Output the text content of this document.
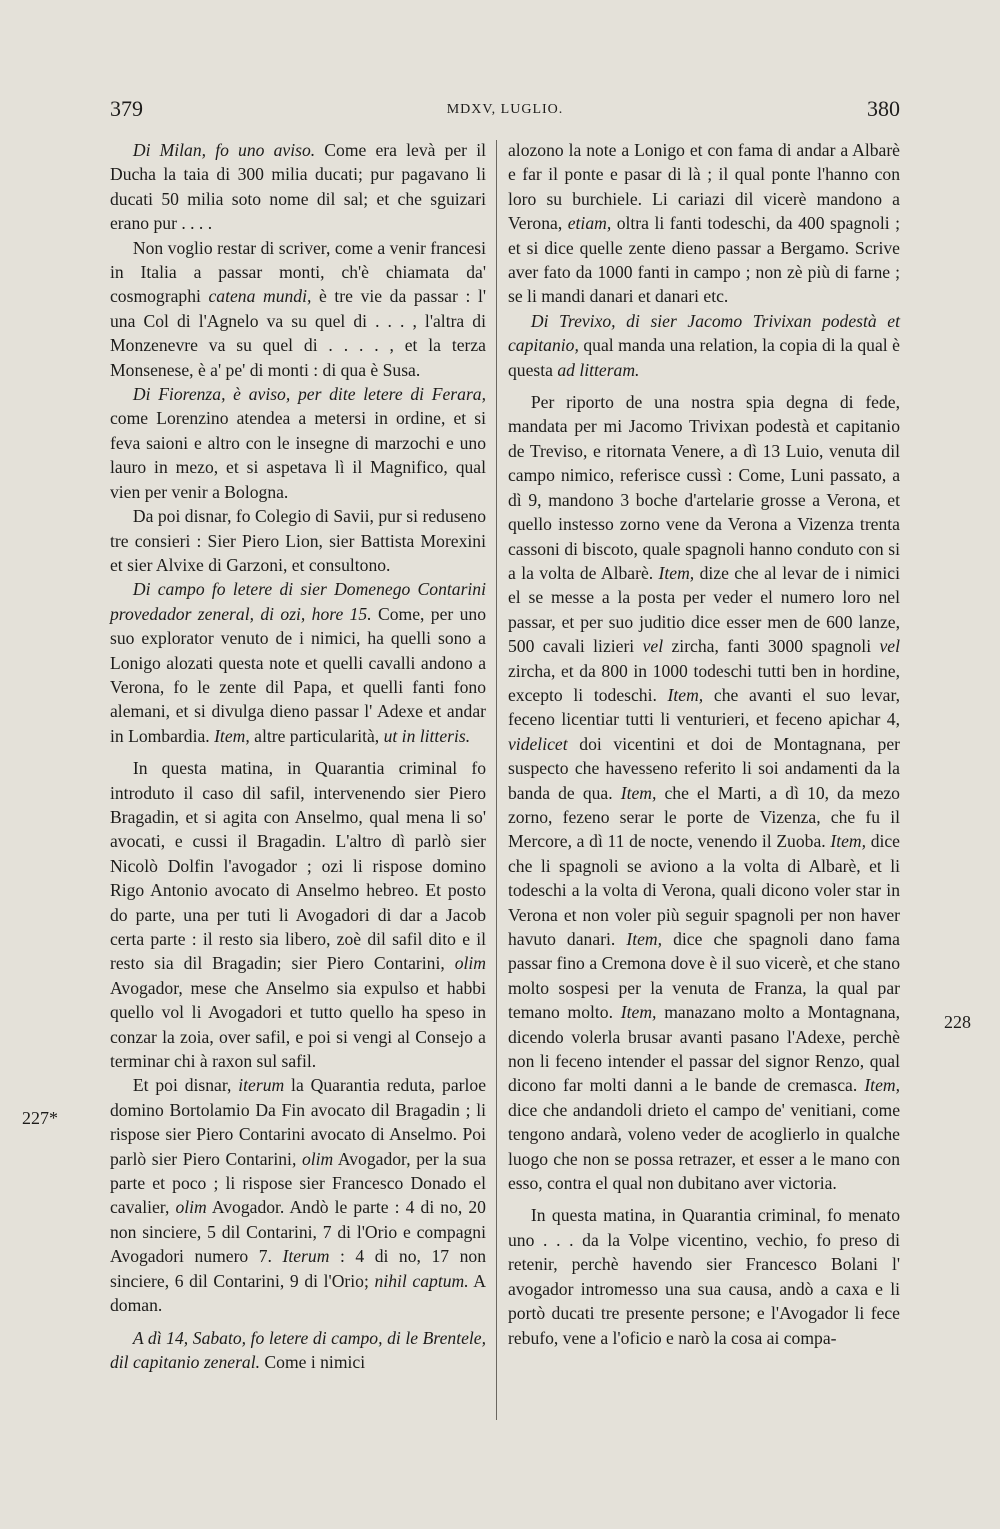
379	MDXV, LUGLIO.	380
227*
228

Di Milan, fo uno aviso. Come era levà per il Ducha la taia di 300 milia ducati; pur pagavano li ducati 50 milia soto nome dil sal; et che sguizari erano pur . . . .

Non voglio restar di scriver, come a venir francesi in Italia a passar monti, ch'è chiamata da' cosmographi catena mundi, è tre vie da passar : l' una Col di l'Agnelo va su quel di . . . , l'altra di Monzenevre va su quel di . . . . , et la terza Monsenese, è a' pe' di monti : di qua è Susa.

Di Fiorenza, è aviso, per dite letere di Ferara, come Lorenzino atendea a metersi in ordine, et si feva saioni e altro con le insegne di marzochi e uno lauro in mezo, et si aspetava lì il Magnifico, qual vien per venir a Bologna.

Da poi disnar, fo Colegio di Savii, pur si reduseno tre consieri : Sier Piero Lion, sier Battista Morexini et sier Alvixe di Garzoni, et consultono.

Di campo fo letere di sier Domenego Contarini provedador zeneral, di ozi, hore 15. Come, per uno suo explorator venuto de i nimici, ha quelli sono a Lonigo alozati questa note et quelli cavalli andono a Verona, fo le zente dil Papa, et quelli fanti fono alemani, et si divulga dieno passar l' Adexe et andar in Lombardia. Item, altre particularità, ut in litteris.

In questa matina, in Quarantia criminal fo introduto il caso dil safil, intervenendo sier Piero Bragadin, et si agita con Anselmo, qual mena li so' avocati, e cussi il Bragadin. L'altro dì parlò sier Nicolò Dolfin l'avogador ; ozi li rispose domino Rigo Antonio avocato di Anselmo hebreo. Et posto do parte, una per tuti li Avogadori di dar a Jacob certa parte : il resto sia libero, zoè dil safil dito e il resto sia dil Bragadin; sier Piero Contarini, olim Avogador, mese che Anselmo sia expulso et habbi quello vol li Avogadori et tutto quello ha speso in conzar la zoia, over safil, e poi si vengi al Consejo a terminar chi à raxon sul safil.

Et poi disnar, iterum la Quarantia reduta, parloe domino Bortolamio Da Fin avocato dil Bragadin ; li rispose sier Piero Contarini avocato di Anselmo. Poi parlò sier Piero Contarini, olim Avogador, per la sua parte et poco ; li rispose sier Francesco Donado el cavalier, olim Avogador. Andò le parte : 4 di no, 20 non sinciere, 5 dil Contarini, 7 di l'Orio e compagni Avogadori numero 7. Iterum : 4 di no, 17 non sinciere, 6 dil Contarini, 9 di l'Orio; nihil captum. A doman.

A dì 14, Sabato, fo letere di campo, di le Brentele, dil capitanio zeneral. Come i nimici

alozono la note a Lonigo et con fama di andar a Albarè e far il ponte e pasar di là ; il qual ponte l'hanno con loro su burchiele. Li cariazi dil vicerè mandono a Verona, etiam, oltra li fanti todeschi, da 400 spagnoli ; et si dice quelle zente dieno passar a Bergamo. Scrive aver fato da 1000 fanti in campo ; non zè più di farne ; se li mandi danari et danari etc.

Di Trevixo, di sier Jacomo Trivixan podestà et capitanio, qual manda una relation, la copia di la qual è questa ad litteram.

Per riporto de una nostra spia degna di fede, mandata per mi Jacomo Trivixan podestà et capitanio de Treviso, e ritornata Venere, a dì 13 Luio, venuta dil campo nimico, referisce cussì : Come, Luni passato, a dì 9, mandono 3 boche d'artelarie grosse a Verona, et quello instesso zorno vene da Verona a Vizenza trenta cassoni di biscoto, quale spagnoli hanno conduto con si a la volta de Albarè. Item, dize che al levar de i nimici el se messe a la posta per veder el numero loro nel passar, et per suo juditio dice esser men de 600 lanze, 500 cavali lizieri vel zircha, fanti 3000 spagnoli vel zircha, et da 800 in 1000 todeschi tutti ben in hordine, excepto li todeschi. Item, che avanti el suo levar, feceno licentiar tutti li venturieri, et feceno apichar 4, videlicet doi vicentini et doi de Montagnana, per suspecto che havesseno referito li soi andamenti da la banda de qua. Item, che el Marti, a dì 10, da mezo zorno, fezeno serar le porte de Vizenza, che fu il Mercore, a dì 11 de nocte, venendo il Zuoba. Item, dice che li spagnoli se aviono a la volta di Albarè, et li todeschi a la volta di Verona, quali dicono voler star in Verona et non voler più seguir spagnoli per non haver havuto danari. Item, dice che spagnoli dano fama passar fino a Cremona dove è il suo vicerè, et che stano molto sospesi per la venuta de Franza, la qual par temano molto. Item, manazano molto a Montagnana, dicendo volerla brusar avanti pasano l'Adexe, perchè non li feceno intender el passar del signor Renzo, qual dicono far molti danni a le bande de cremasca. Item, dice che andandoli drieto el campo de' venitiani, come tengono andarà, voleno veder de acoglierlo in qualche luogo che non se possa retrazer, et esser a le mano con esso, contra el qual non dubitano aver victoria.

In questa matina, in Quarantia criminal, fo menato uno . . . da la Volpe vicentino, vechio, fo preso di retenir, perchè havendo sier Francesco Bolani l' avogador intromesso una sua causa, andò a caxa e li portò ducati tre presente persone; e l'Avogador li fece rebufo, vene a l'oficio e narò la cosa ai compa-
